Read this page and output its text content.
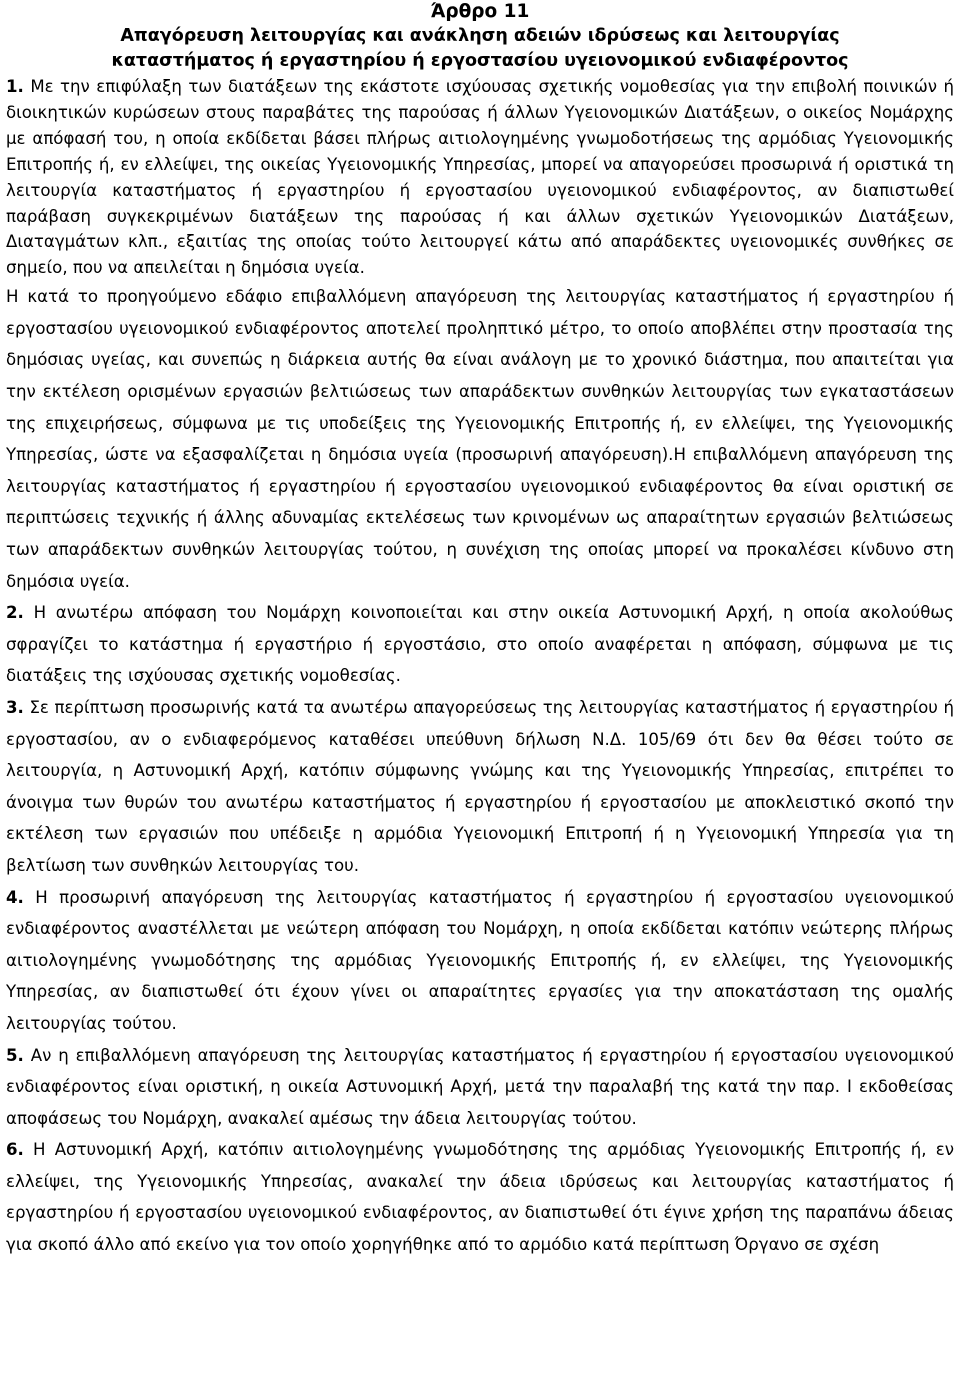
Άρθρο 11
Απαγόρευση λειτουργίας και ανάκληση αδειών ιδρύσεως και λειτουργίας
καταστήματος ή εργαστηρίου ή εργοστασίου υγειονομικού ενδιαφέροντος
1. Με την επιφύλαξη των διατάξεων της εκάστοτε ισχύουσας σχετικής νομοθεσίας για την επιβολή ποινικών ή διοικητικών κυρώσεων στους παραβάτες της παρούσας ή άλλων Υγειονομικών Διατάξεων, ο οικείος Νομάρχης με απόφασή του, η οποία εκδίδεται βάσει πλήρως αιτιολογημένης γνωμοδοτήσεως της αρμόδιας Υγειονομικής Επιτροπής ή, εν ελλείψει, της οικείας Υγειονομικής Υπηρεσίας, μπορεί να απαγορεύσει προσωρινά ή οριστικά τη λειτουργία καταστήματος ή εργαστηρίου ή εργοστασίου υγειονομικού ενδιαφέροντος, αν διαπιστωθεί παράβαση συγκεκριμένων διατάξεων της παρούσας ή και άλλων σχετικών Υγειονομικών Διατάξεων, Διαταγμάτων κλπ., εξαιτίας της οποίας τούτο λειτουργεί κάτω από απαράδεκτες υγειονομικές συνθήκες σε σημείο, που να απειλείται η δημόσια υγεία.
Η κατά το προηγούμενο εδάφιο επιβαλλόμενη απαγόρευση της λειτουργίας καταστήματος ή εργαστηρίου ή εργοστασίου υγειονομικού ενδιαφέροντος αποτελεί προληπτικό μέτρο, το οποίο αποβλέπει στην προστασία της δημόσιας υγείας, και συνεπώς η διάρκεια αυτής θα είναι ανάλογη με το χρονικό διάστημα, που απαιτείται για την εκτέλεση ορισμένων εργασιών βελτιώσεως των απαράδεκτων συνθηκών λειτουργίας των εγκαταστάσεων της επιχειρήσεως, σύμφωνα με τις υποδείξεις της Υγειονομικής Επιτροπής ή, εν ελλείψει, της Υγειονομικής Υπηρεσίας, ώστε να εξασφαλίζεται η δημόσια υγεία (προσωρινή απαγόρευση).Η επιβαλλόμενη απαγόρευση της λειτουργίας καταστήματος ή εργαστηρίου ή εργοστασίου υγειονομικού ενδιαφέροντος θα είναι οριστική σε περιπτώσεις τεχνικής ή άλλης αδυναμίας εκτελέσεως των κρινομένων ως απαραίτητων εργασιών βελτιώσεως των απαράδεκτων συνθηκών λειτουργίας τούτου, η συνέχιση της οποίας μπορεί να προκαλέσει κίνδυνο στη δημόσια υγεία.
2. Η ανωτέρω απόφαση του Νομάρχη κοινοποιείται και στην οικεία Αστυνομική Αρχή, η οποία ακολούθως σφραγίζει το κατάστημα ή εργαστήριο ή εργοστάσιο, στο οποίο αναφέρεται η απόφαση, σύμφωνα με τις διατάξεις της ισχύουσας σχετικής νομοθεσίας.
3. Σε περίπτωση προσωρινής κατά τα ανωτέρω απαγορεύσεως της λειτουργίας καταστήματος ή εργαστηρίου ή εργοστασίου, αν ο ενδιαφερόμενος καταθέσει υπεύθυνη δήλωση Ν.Δ. 105/69 ότι δεν θα θέσει τούτο σε λειτουργία, η Αστυνομική Αρχή, κατόπιν σύμφωνης γνώμης και της Υγειονομικής Υπηρεσίας, επιτρέπει το άνοιγμα των θυρών του ανωτέρω καταστήματος ή εργαστηρίου ή εργοστασίου με αποκλειστικό σκοπό την εκτέλεση των εργασιών που υπέδειξε η αρμόδια Υγειονομική Επιτροπή ή η Υγειονομική Υπηρεσία για τη βελτίωση των συνθηκών λειτουργίας του.
4. Η προσωρινή απαγόρευση της λειτουργίας καταστήματος ή εργαστηρίου ή εργοστασίου υγειονομικού ενδιαφέροντος αναστέλλεται με νεώτερη απόφαση του Νομάρχη, η οποία εκδίδεται κατόπιν νεώτερης πλήρως αιτιολογημένης γνωμοδότησης της αρμόδιας Υγειονομικής Επιτροπής ή, εν ελλείψει, της Υγειονομικής Υπηρεσίας, αν διαπιστωθεί ότι έχουν γίνει οι απαραίτητες εργασίες για την αποκατάσταση της ομαλής λειτουργίας τούτου.
5. Αν η επιβαλλόμενη απαγόρευση της λειτουργίας καταστήματος ή εργαστηρίου ή εργοστασίου υγειονομικού ενδιαφέροντος είναι οριστική, η οικεία Αστυνομική Αρχή, μετά την παραλαβή της κατά την παρ. Ι εκδοθείσας αποφάσεως του Νομάρχη, ανακαλεί αμέσως την άδεια λειτουργίας τούτου.
6. Η Αστυνομική Αρχή, κατόπιν αιτιολογημένης γνωμοδότησης της αρμόδιας Υγειονομικής Επιτροπής ή, εν ελλείψει, της Υγειονομικής Υπηρεσίας, ανακαλεί την άδεια ιδρύσεως και λειτουργίας καταστήματος ή εργαστηρίου ή εργοστασίου υγειονομικού ενδιαφέροντος, αν διαπιστωθεί ότι έγινε χρήση της παραπάνω άδειας για σκοπό άλλο από εκείνο για τον οποίο χορηγήθηκε από το αρμόδιο κατά περίπτωση Όργανο σε σχέση
